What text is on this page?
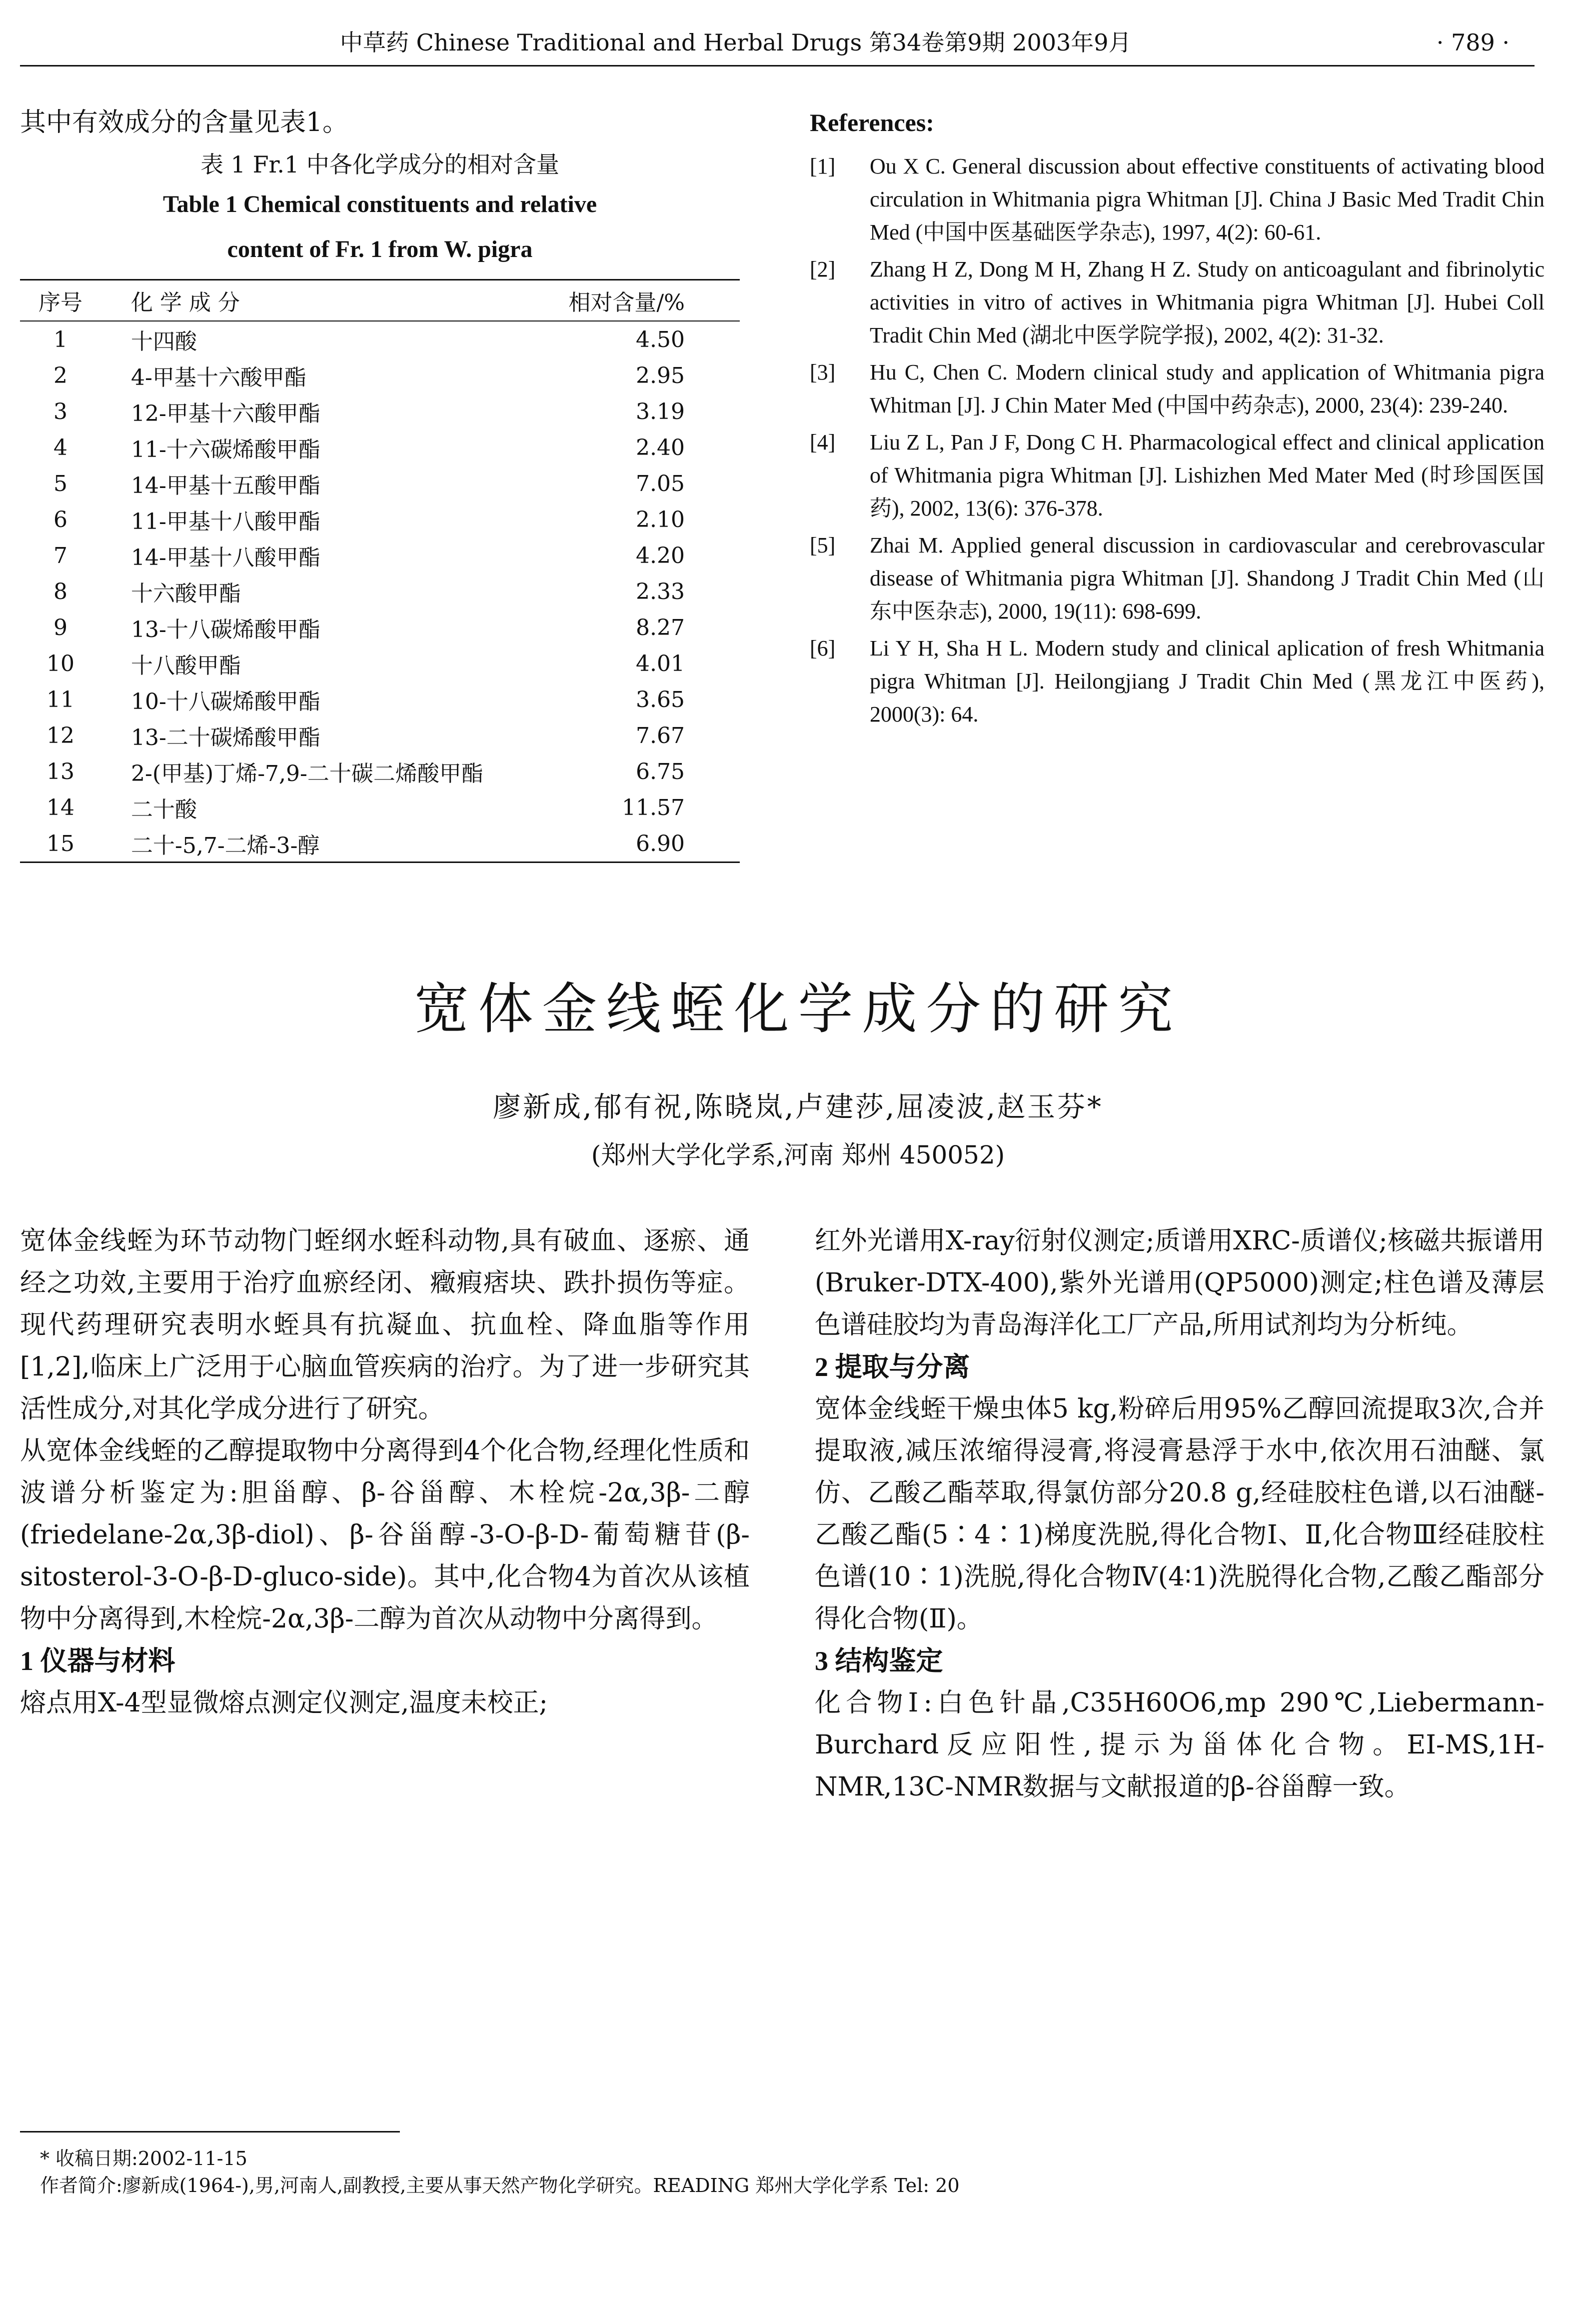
中草药 Chinese Traditional and Herbal Drugs 第34卷第9期 2003年9月	· 789 ·

其中有效成分的含量见表1。

表 1 Fr.1 中各化学成分的相对含量

Table 1 Chemical constituents and relative

content of Fr. 1 from W. pigra

序号	化 学 成 分	相对含量/%
1	十四酸	4.50
2	4-甲基十六酸甲酯	2.95
3	12-甲基十六酸甲酯	3.19
4	11-十六碳烯酸甲酯	2.40
5	14-甲基十五酸甲酯	7.05
6	11-甲基十八酸甲酯	2.10
7	14-甲基十八酸甲酯	4.20
8	十六酸甲酯	2.33
9	13-十八碳烯酸甲酯	8.27
10	十八酸甲酯	4.01
11	10-十八碳烯酸甲酯	3.65
12	13-二十碳烯酸甲酯	7.67
13	2-(甲基)丁烯-7,9-二十碳二烯酸甲酯	6.75
14	二十酸	11.57
15	二十-5,7-二烯-3-醇	6.90

References:

[1]	Ou X C. General discussion about effective constituents of activating blood circulation in Whitmania pigra Whitman [J]. China J Basic Med Tradit Chin Med (中国中医基础医学杂志), 1997, 4(2): 60-61.
[2]	Zhang H Z, Dong M H, Zhang H Z. Study on anticoagulant and fibrinolytic activities in vitro of actives in Whitmania pigra Whitman [J]. Hubei Coll Tradit Chin Med (湖北中医学院学报), 2002, 4(2): 31-32.
[3]	Hu C, Chen C. Modern clinical study and application of Whitmania pigra Whitman [J]. J Chin Mater Med (中国中药杂志), 2000, 23(4): 239-240.
[4]	Liu Z L, Pan J F, Dong C H. Pharmacological effect and clinical application of Whitmania pigra Whitman [J]. Lishizhen Med Mater Med (时珍国医国药), 2002, 13(6): 376-378.
[5]	Zhai M. Applied general discussion in cardiovascular and cerebrovascular disease of Whitmania pigra Whitman [J]. Shandong J Tradit Chin Med (山东中医杂志), 2000, 19(11): 698-699.
[6]	Li Y H, Sha H L. Modern study and clinical aplication of fresh Whitmania pigra Whitman [J]. Heilongjiang J Tradit Chin Med (黑龙江中医药), 2000(3): 64.
宽体金线蛭化学成分的研究
廖新成,郁有祝,陈晓岚,卢建莎,屈凌波,赵玉芬*
(郑州大学化学系,河南 郑州 450052)

宽体金线蛭为环节动物门蛭纲水蛭科动物,具有破血、逐瘀、通经之功效,主要用于治疗血瘀经闭、癥瘕痞块、跌扑损伤等症。现代药理研究表明水蛭具有抗凝血、抗血栓、降血脂等作用[1,2],临床上广泛用于心脑血管疾病的治疗。为了进一步研究其活性成分,对其化学成分进行了研究。

从宽体金线蛭的乙醇提取物中分离得到4个化合物,经理化性质和波谱分析鉴定为:胆甾醇、β-谷甾醇、木栓烷-2α,3β-二醇(friedelane-2α,3β-diol)、β-谷甾醇-3-O-β-D-葡萄糖苷(β-sitosterol-3-O-β-D-gluco-side)。其中,化合物4为首次从该植物中分离得到,木栓烷-2α,3β-二醇为首次从动物中分离得到。

1 仪器与材料

熔点用X-4型显微熔点测定仪测定,温度未校正;

红外光谱用X-ray衍射仪测定;质谱用XRC-质谱仪;核磁共振谱用(Bruker-DTX-400),紫外光谱用(QP5000)测定;柱色谱及薄层色谱硅胶均为青岛海洋化工厂产品,所用试剂均为分析纯。

2 提取与分离

宽体金线蛭干燥虫体5 kg,粉碎后用95%乙醇回流提取3次,合并提取液,减压浓缩得浸膏,将浸膏悬浮于水中,依次用石油醚、氯仿、乙酸乙酯萃取,得氯仿部分20.8 g,经硅胶柱色谱,以石油醚-乙酸乙酯(5∶4∶1)梯度洗脱,得化合物Ⅰ、Ⅱ,化合物Ⅲ经硅胶柱色谱(10∶1)洗脱,得化合物Ⅳ(4∶1)洗脱得化合物,乙酸乙酯部分得化合物(Ⅱ)。

3 结构鉴定

化合物Ⅰ:白色针晶,C35H60O6,mp 290℃,Liebermann-Burchard反应阳性,提示为甾体化合物。EI-MS,1H-NMR,13C-NMR数据与文献报道的β-谷甾醇一致。

* 收稿日期:2002-11-15
作者简介:廖新成(1964-),男,河南人,副教授,主要从事天然产物化学研究。READING 郑州大学化学系 Tel: 20
